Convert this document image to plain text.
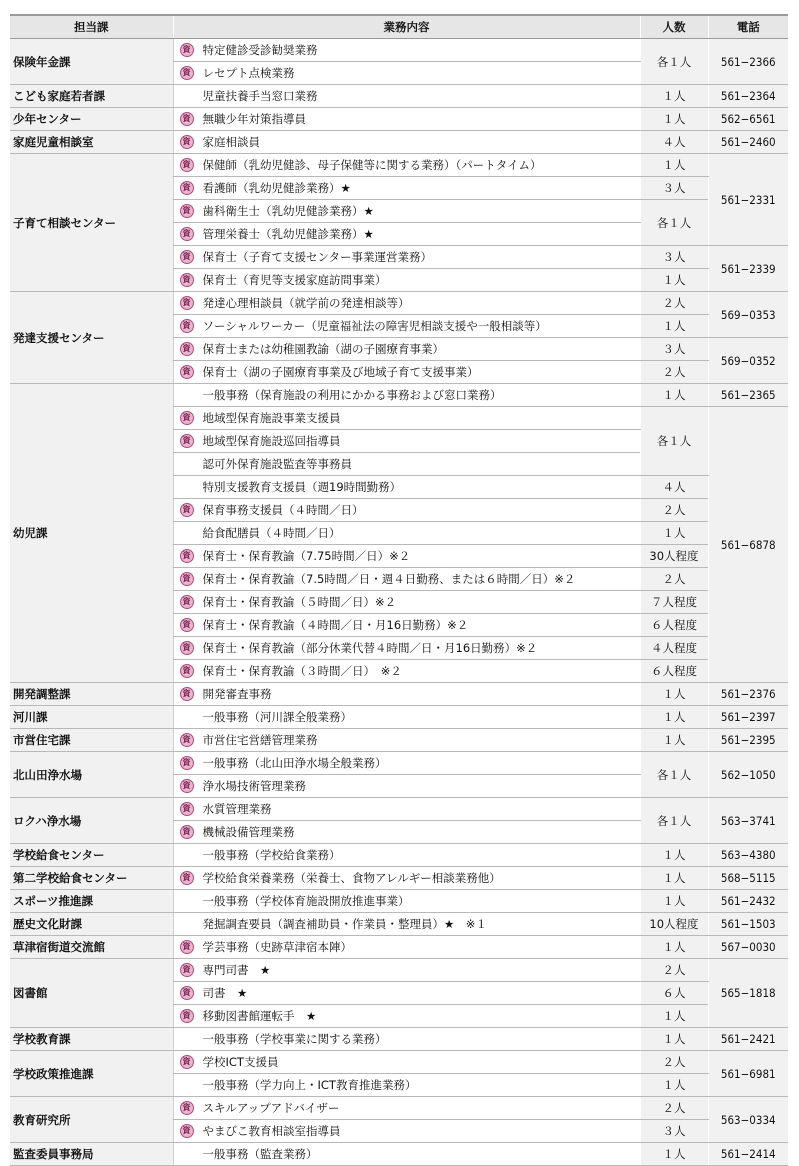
担当課	業務内容	人数	電話
保険年金課	資 特定健診受診勧奨業務	各１人	561−2366
	資 レセプト点検業務		
こども家庭若者課	児童扶養手当窓口業務	１人	561−2364
少年センター	資 無職少年対策指導員	１人	562−6561
家庭児童相談室	資 家庭相談員	４人	561−2460
子育て相談センター	資 保健師（乳幼児健診、母子保健等に関する業務）（パートタイム）	１人	561−2331
	資 看護師（乳幼児健診業務）★	３人	
	資 歯科衛生士（乳幼児健診業務）★	各１人	
	資 管理栄養士（乳幼児健診業務）★		
	資 保育士（子育て支援センター事業運営業務）	３人	561−2339
	資 保育士（育児等支援家庭訪問事業）	１人	
発達支援センター	資 発達心理相談員（就学前の発達相談等）	２人	569−0353
	資 ソーシャルワーカー（児童福祉法の障害児相談支援や一般相談等）	１人	
	資 保育士または幼稚園教諭（湖の子園療育事業）	３人	569−0352
	資 保育士（湖の子園療育事業及び地域子育て支援事業）	２人	
幼児課	一般事務（保育施設の利用にかかる事務および窓口業務）	１人	561−2365
	資 地域型保育施設事業支援員	各１人	561−6878
	資 地域型保育施設巡回指導員		
	認可外保育施設監査等事務員		
	特別支援教育支援員（週19時間勤務）	４人	
	資 保育事務支援員（４時間／日）	２人	
	給食配膳員（４時間／日）	１人	
	資 保育士・保育教諭（7.75時間／日）※２	30人程度	
	資 保育士・保育教諭（7.5時間／日・週４日勤務、または６時間／日）※２	２人	
	資 保育士・保育教諭（５時間／日）※２	７人程度	
	資 保育士・保育教諭（４時間／日・月16日勤務）※２	６人程度	
	資 保育士・保育教諭（部分休業代替４時間／日・月16日勤務）※２	４人程度	
	資 保育士・保育教諭（３時間／日）　※２	６人程度	
開発調整課	資 開発審査事務	１人	561−2376
河川課	一般事務（河川課全般業務）	１人	561−2397
市営住宅課	資 市営住宅営繕管理業務	１人	561−2395
北山田浄水場	資 一般事務（北山田浄水場全般業務）	各１人	562−1050
	資 浄水場技術管理業務		
ロクハ浄水場	資 水質管理業務	各１人	563−3741
	資 機械設備管理業務		
学校給食センター	一般事務（学校給食業務）	１人	563−4380
第二学校給食センター	資 学校給食栄養業務（栄養士、食物アレルギー相談業務他）	１人	568−5115
スポーツ推進課	一般事務（学校体育施設開放推進事業）	１人	561−2432
歴史文化財課	発掘調査要員（調査補助員・作業員・整理員）★　※１	10人程度	561−1503
草津宿街道交流館	資 学芸事務（史跡草津宿本陣）	１人	567−0030
図書館	資 専門司書　★	２人	565−1818
	資 司書　★	６人	
	資 移動図書館運転手　★	１人	
学校教育課	一般事務（学校事業に関する業務）	１人	561−2421
学校政策推進課	資 学校ICT支援員	２人	561−6981
	一般事務（学力向上・ICT教育推進業務）	１人	
教育研究所	資 スキルアップアドバイザー	２人	563−0334
	資 やまびこ教育相談室指導員	３人	
監査委員事務局	一般事務（監査業務）	１人	561−2414
